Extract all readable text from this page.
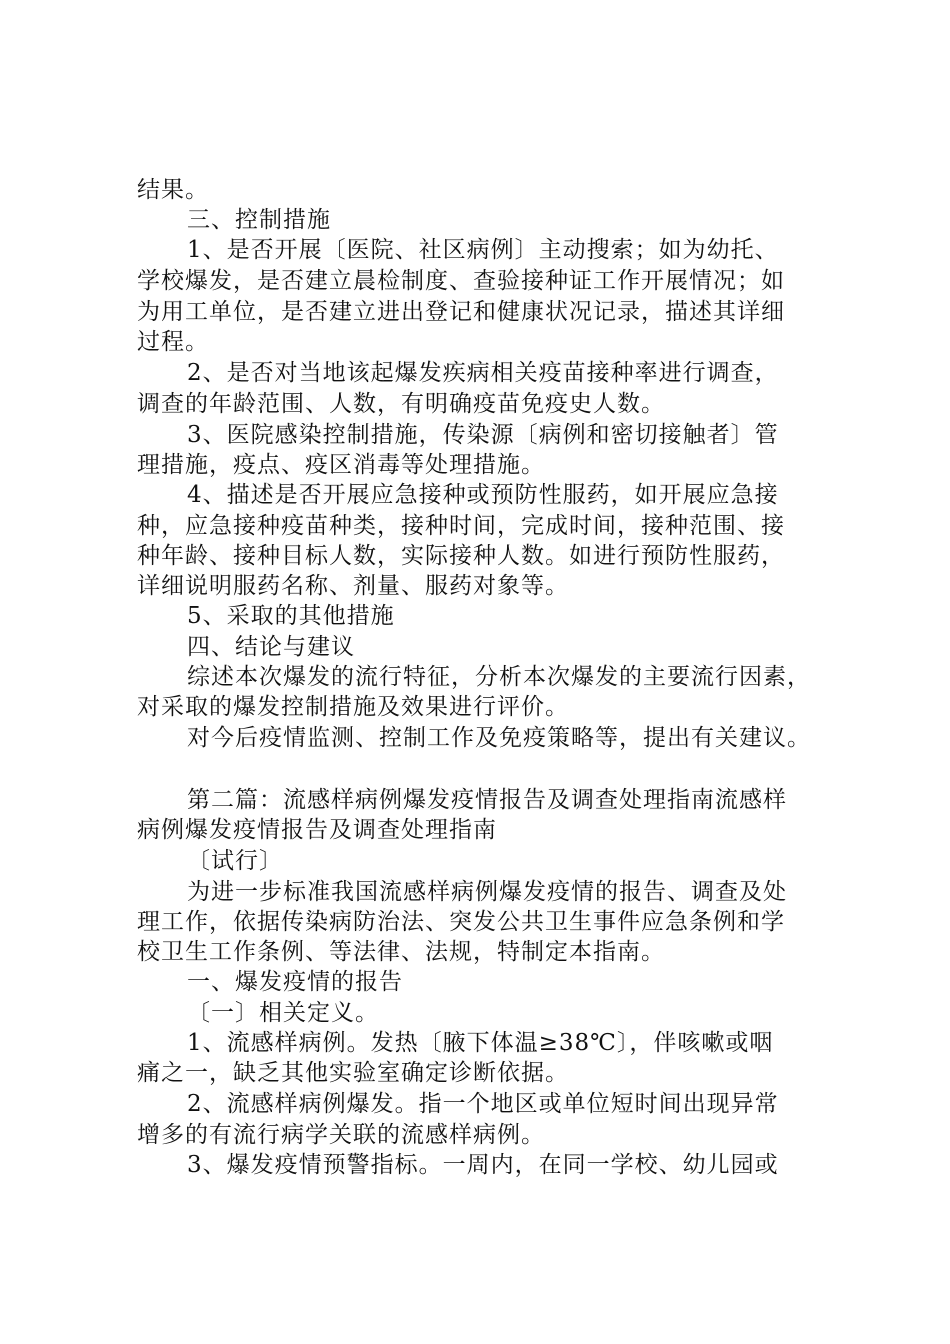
结果。
三、控制措施
1、是否开展〔医院、社区病例〕主动搜索；如为幼托、
学校爆发，是否建立晨检制度、查验接种证工作开展情况；如
为用工单位，是否建立进出登记和健康状况记录，描述其详细
过程。
2、是否对当地该起爆发疾病相关疫苗接种率进行调查，
调查的年龄范围、人数，有明确疫苗免疫史人数。
3、医院感染控制措施，传染源〔病例和密切接触者〕管
理措施，疫点、疫区消毒等处理措施。
4、描述是否开展应急接种或预防性服药，如开展应急接
种，应急接种疫苗种类，接种时间，完成时间，接种范围、接
种年龄、接种目标人数，实际接种人数。如进行预防性服药，
详细说明服药名称、剂量、服药对象等。
5、采取的其他措施
四、结论与建议
综述本次爆发的流行特征，分析本次爆发的主要流行因素，
对采取的爆发控制措施及效果进行评价。
对今后疫情监测、控制工作及免疫策略等，提出有关建议。
第二篇：流感样病例爆发疫情报告及调查处理指南流感样
病例爆发疫情报告及调查处理指南
〔试行〕
为进一步标准我国流感样病例爆发疫情的报告、调查及处
理工作，依据传染病防治法、突发公共卫生事件应急条例和学
校卫生工作条例、等法律、法规，特制定本指南。
一、爆发疫情的报告
〔一〕相关定义。
1、流感样病例。发热〔腋下体温≥38℃〕，伴咳嗽或咽
痛之一，缺乏其他实验室确定诊断依据。
2、流感样病例爆发。指一个地区或单位短时间出现异常
增多的有流行病学关联的流感样病例。
3、爆发疫情预警指标。一周内，在同一学校、幼儿园或
